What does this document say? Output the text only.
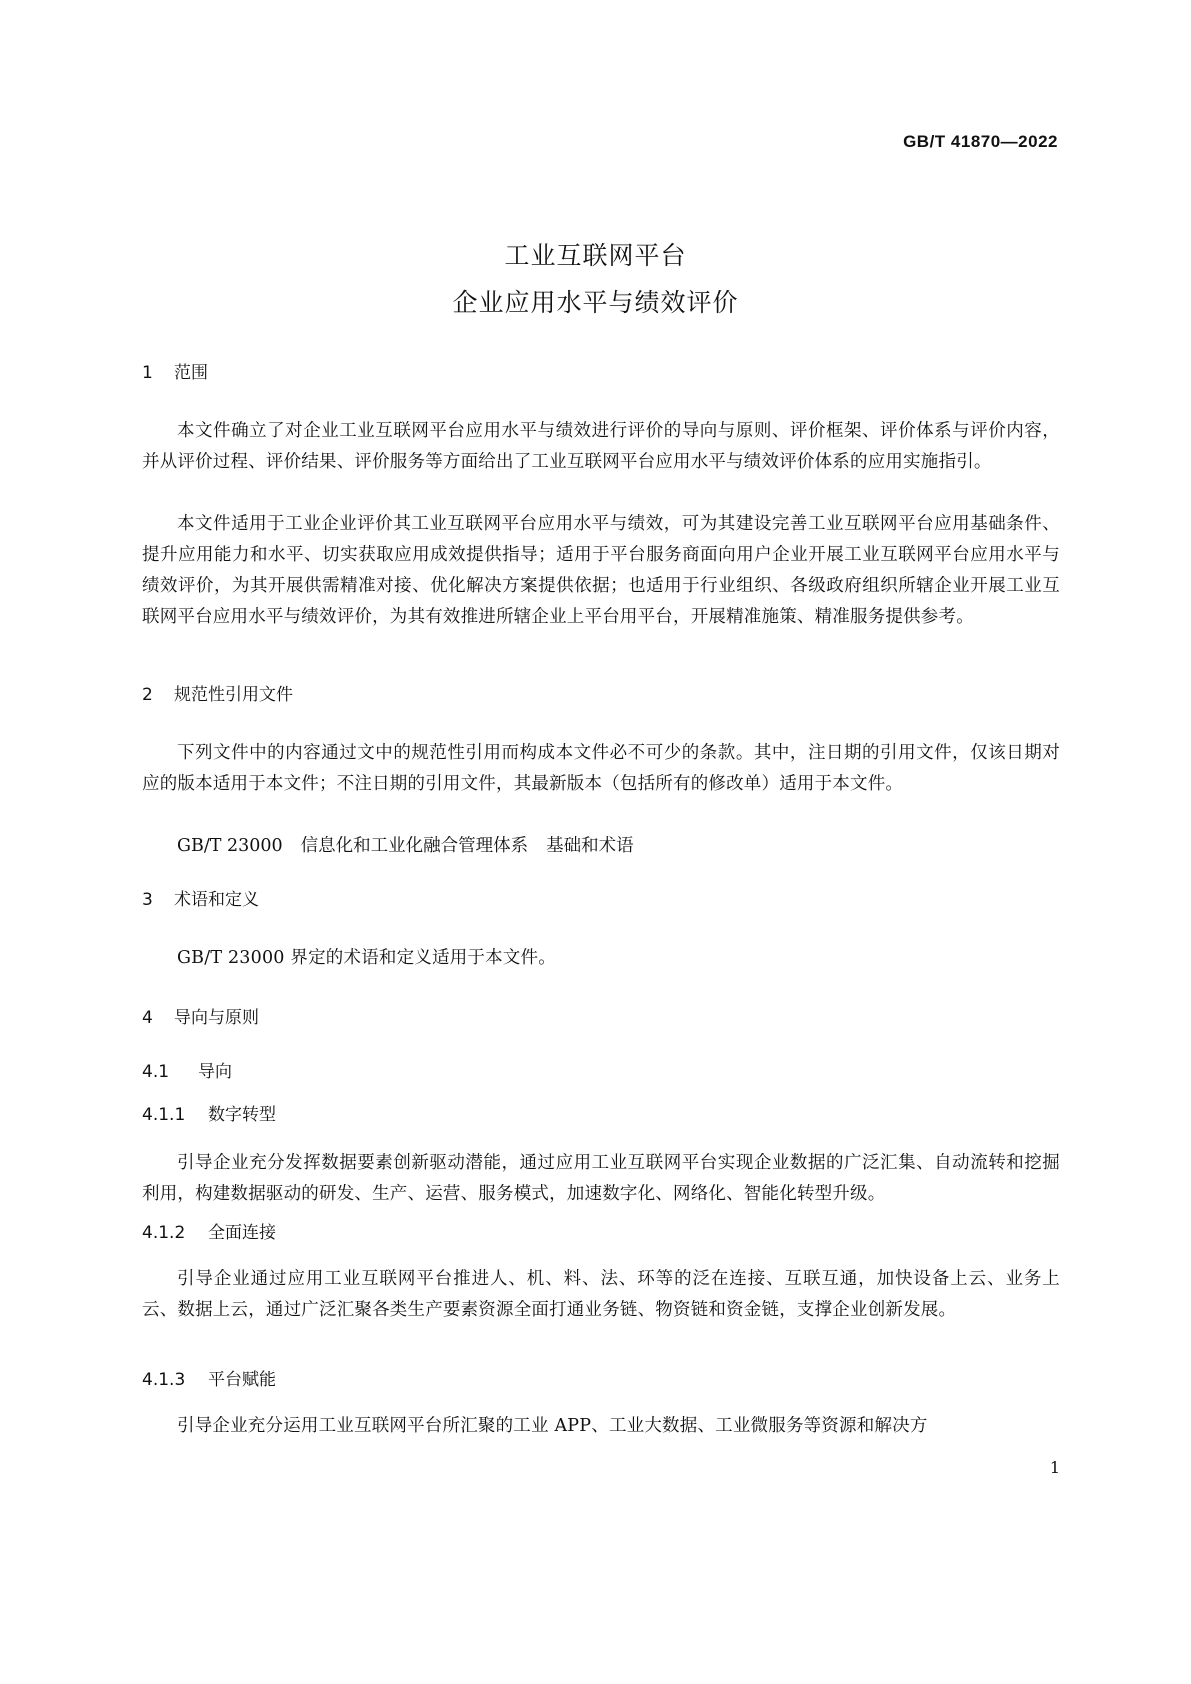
GB/T 41870—2022
工业互联网平台
企业应用水平与绩效评价
1 范围
本文件确立了对企业工业互联网平台应用水平与绩效进行评价的导向与原则、评价框架、评价体系与评价内容，并从评价过程、评价结果、评价服务等方面给出了工业互联网平台应用水平与绩效评价体系的应用实施指引。
本文件适用于工业企业评价其工业互联网平台应用水平与绩效，可为其建设完善工业互联网平台应用基础条件、提升应用能力和水平、切实获取应用成效提供指导；适用于平台服务商面向用户企业开展工业互联网平台应用水平与绩效评价，为其开展供需精准对接、优化解决方案提供依据；也适用于行业组织、各级政府组织所辖企业开展工业互联网平台应用水平与绩效评价，为其有效推进所辖企业上平台用平台，开展精准施策、精准服务提供参考。
2 规范性引用文件
下列文件中的内容通过文中的规范性引用而构成本文件必不可少的条款。其中，注日期的引用文件，仅该日期对应的版本适用于本文件；不注日期的引用文件，其最新版本（包括所有的修改单）适用于本文件。
GB/T 23000 信息化和工业化融合管理体系 基础和术语
3 术语和定义
GB/T 23000 界定的术语和定义适用于本文件。
4 导向与原则
4.1 导向
4.1.1 数字转型
引导企业充分发挥数据要素创新驱动潜能，通过应用工业互联网平台实现企业数据的广泛汇集、自动流转和挖掘利用，构建数据驱动的研发、生产、运营、服务模式，加速数字化、网络化、智能化转型升级。
4.1.2 全面连接
引导企业通过应用工业互联网平台推进人、机、料、法、环等的泛在连接、互联互通，加快设备上云、业务上云、数据上云，通过广泛汇聚各类生产要素资源全面打通业务链、物资链和资金链，支撑企业创新发展。
4.1.3 平台赋能
引导企业充分运用工业互联网平台所汇聚的工业 APP、工业大数据、工业微服务等资源和解决方
1
